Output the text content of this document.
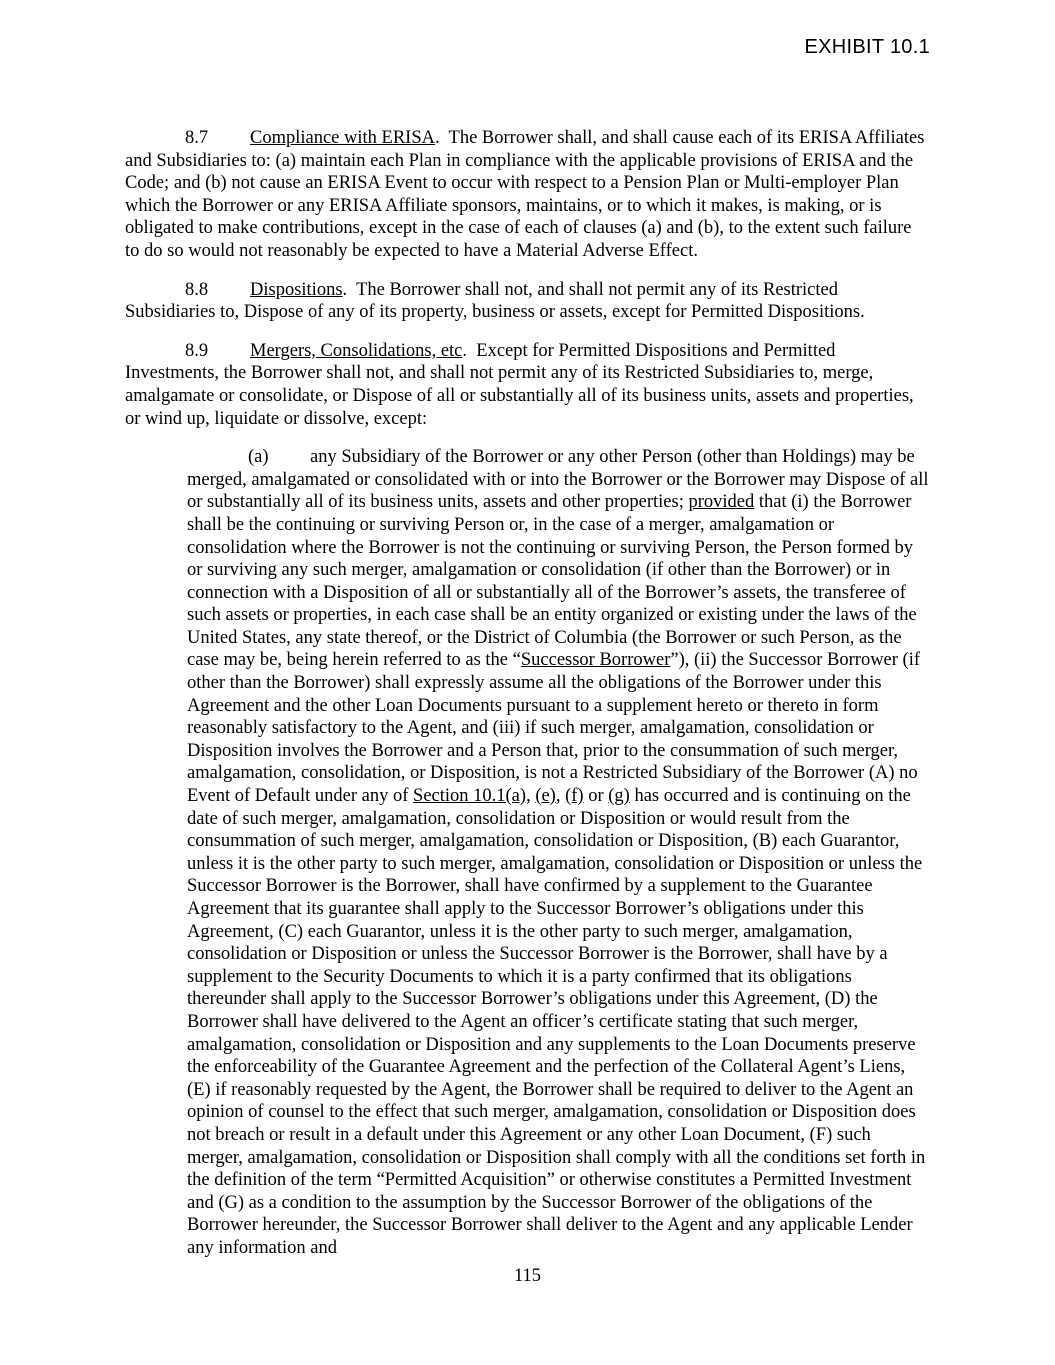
EXHIBIT 10.1

8.7 Compliance with ERISA.  The Borrower shall, and shall cause each of its ERISA Affiliates and Subsidiaries to: (a) maintain each Plan in compliance with the applicable provisions of ERISA and the Code; and (b) not cause an ERISA Event to occur with respect to a Pension Plan or Multi-employer Plan which the Borrower or any ERISA Affiliate sponsors, maintains, or to which it makes, is making, or is obligated to make contributions, except in the case of each of clauses (a) and (b), to the extent such failure to do so would not reasonably be expected to have a Material Adverse Effect.

8.8 Dispositions.  The Borrower shall not, and shall not permit any of its Restricted Subsidiaries to, Dispose of any of its property, business or assets, except for Permitted Dispositions.

8.9 Mergers, Consolidations, etc.  Except for Permitted Dispositions and Permitted Investments, the Borrower shall not, and shall not permit any of its Restricted Subsidiaries to, merge, amalgamate or consolidate, or Dispose of all or substantially all of its business units, assets and properties, or wind up, liquidate or dissolve, except:

(a) any Subsidiary of the Borrower or any other Person (other than Holdings) may be merged, amalgamated or consolidated with or into the Borrower or the Borrower may Dispose of all or substantially all of its business units, assets and other properties; provided that (i) the Borrower shall be the continuing or surviving Person or, in the case of a merger, amalgamation or consolidation where the Borrower is not the continuing or surviving Person, the Person formed by or surviving any such merger, amalgamation or consolidation (if other than the Borrower) or in connection with a Disposition of all or substantially all of the Borrower’s assets, the transferee of such assets or properties, in each case shall be an entity organized or existing under the laws of the United States, any state thereof, or the District of Columbia (the Borrower or such Person, as the case may be, being herein referred to as the “Successor Borrower”), (ii) the Successor Borrower (if other than the Borrower) shall expressly assume all the obligations of the Borrower under this Agreement and the other Loan Documents pursuant to a supplement hereto or thereto in form reasonably satisfactory to the Agent, and (iii) if such merger, amalgamation, consolidation or Disposition involves the Borrower and a Person that, prior to the consummation of such merger, amalgamation, consolidation, or Disposition, is not a Restricted Subsidiary of the Borrower (A) no Event of Default under any of Section 10.1(a), (e), (f) or (g) has occurred and is continuing on the date of such merger, amalgamation, consolidation or Disposition or would result from the consummation of such merger, amalgamation, consolidation or Disposition, (B) each Guarantor, unless it is the other party to such merger, amalgamation, consolidation or Disposition or unless the Successor Borrower is the Borrower, shall have confirmed by a supplement to the Guarantee Agreement that its guarantee shall apply to the Successor Borrower’s obligations under this Agreement, (C) each Guarantor, unless it is the other party to such merger, amalgamation, consolidation or Disposition or unless the Successor Borrower is the Borrower, shall have by a supplement to the Security Documents to which it is a party confirmed that its obligations thereunder shall apply to the Successor Borrower’s obligations under this Agreement, (D) the Borrower shall have delivered to the Agent an officer’s certificate stating that such merger, amalgamation, consolidation or Disposition and any supplements to the Loan Documents preserve the enforceability of the Guarantee Agreement and the perfection of the Collateral Agent’s Liens, (E) if reasonably requested by the Agent, the Borrower shall be required to deliver to the Agent an opinion of counsel to the effect that such merger, amalgamation, consolidation or Disposition does not breach or result in a default under this Agreement or any other Loan Document, (F) such merger, amalgamation, consolidation or Disposition shall comply with all the conditions set forth in the definition of the term “Permitted Acquisition” or otherwise constitutes a Permitted Investment and (G) as a condition to the assumption by the Successor Borrower of the obligations of the Borrower hereunder, the Successor Borrower shall deliver to the Agent and any applicable Lender any information and

115
